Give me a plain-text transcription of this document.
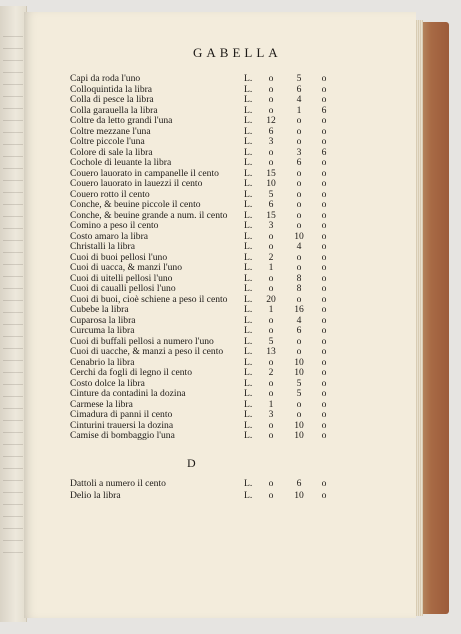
GABELLA
Capi da roda l'uno	L.	o	5	o
Colloquintida la libra	L.	o	6	o
Colla di pesce la libra	L.	o	4	o
Colla garauella la libra	L.	o	1	6
Coltre da letto grandi l'una	L. 12	o	o
Coltre mezzane l'una	L.	6	o	o
Coltre piccole l'una	L.	3	o	o
Colore di sale la libra	L.	o	3	6
Cochole di leuante la libra	L.	o	6	o
Couero lauorato in campanelle il cento	L. 15	o	o
Couero lauorato in lauezzi il cento	L. 10	o	o
Couero rotto il cento	L.	5	o	o
Conche, & beuine piccole il cento	L.	6	o	o
Conche, & beuine grande a num. il cento L. 15	o	o
Comino a peso il cento	L.	3	o	o
Costo amaro la libra	L.	o	10	o
Christalli la libra	L.	o	4	o
Cuoi di buoi pellosi l'uno	L.	2	o	o
Cuoi di uacca, & manzi l'uno	L.	1	o	o
Cuoi di uitelli pellosi l'uno	L.	o	8	o
Cuoi di caualli pellosi l'uno	L.	o	8	o
Cuoi di buoi, cioè schiene a peso il cento L. 20	o	o
Cubebe la libra	L.	1	16	o
Cuparosa la libra	L.	o	4	o
Curcuma la libra	L.	o	6	o
Cuoi di buffali pellosi a numero l'uno	L.	5	o	o
Cuoi di uacche, & manzi a peso il cento L. 13	o	o
Cenabrio la libra	L.	o	10	o
Cerchi da fogli di legno il cento	L.	2	10	o
Costo dolce la libra	L.	o	5	o
Cinture da contadini la dozina	L.	o	5	o
Carmese la libra	L.	1	o	o
Cimadura di panni il cento	L.	3	o	o
Cinturini trauersi la dozina	L.	o	10	o
Camise di bombaggio l'una	L.	o	10	o
D
Dattoli a numero il cento	L.	o	6	o
Delio la libra	L.	o	10	o
